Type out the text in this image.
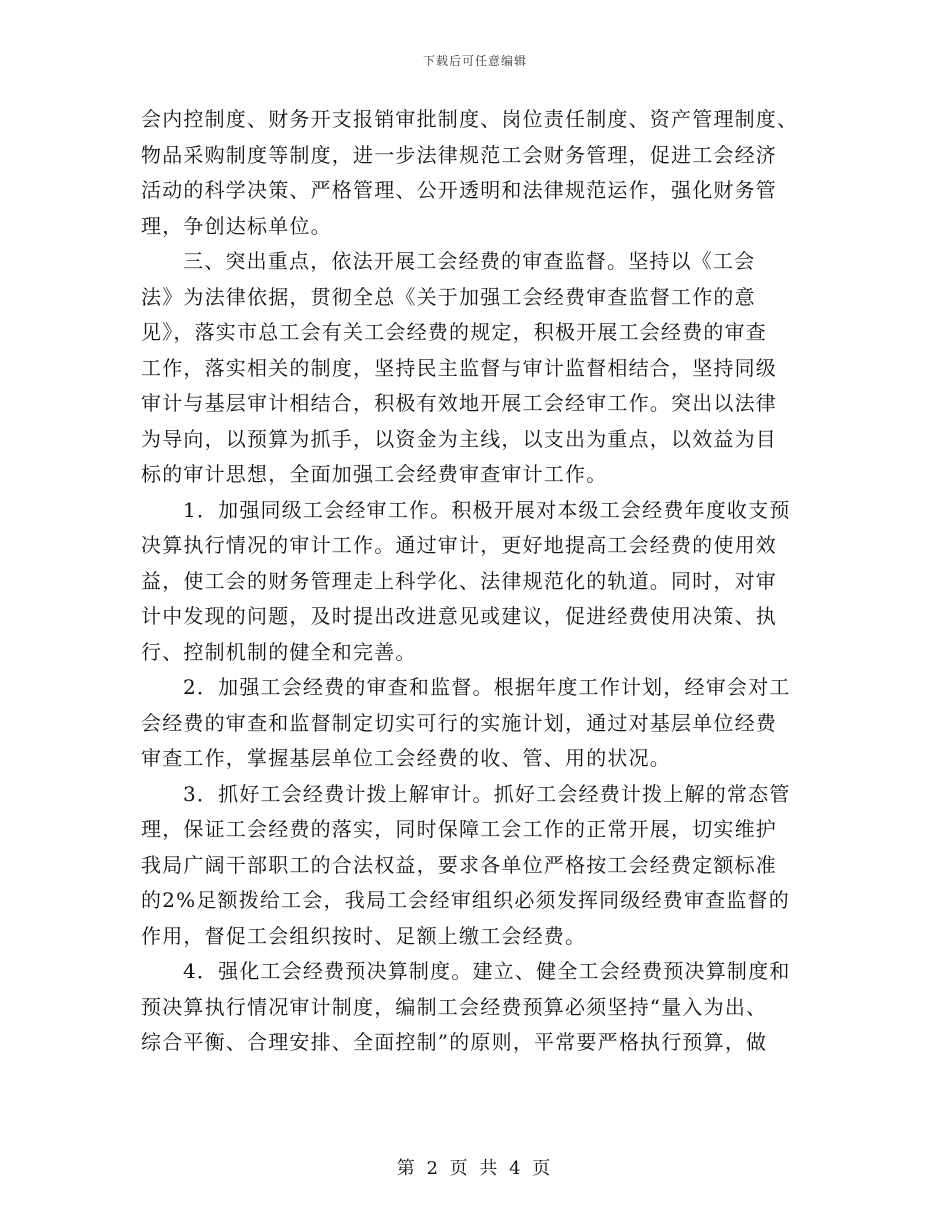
下载后可任意编辑
会内控制度、财务开支报销审批制度、岗位责任制度、资产管理制度、
物品采购制度等制度，进一步法律规范工会财务管理，促进工会经济
活动的科学决策、严格管理、公开透明和法律规范运作，强化财务管
理，争创达标单位。
三、突出重点，依法开展工会经费的审查监督。坚持以《工会
法》为法律依据，贯彻全总《关于加强工会经费审查监督工作的意
见》，落实市总工会有关工会经费的规定，积极开展工会经费的审查
工作，落实相关的制度，坚持民主监督与审计监督相结合，坚持同级
审计与基层审计相结合，积极有效地开展工会经审工作。突出以法律
为导向，以预算为抓手，以资金为主线，以支出为重点，以效益为目
标的审计思想，全面加强工会经费审查审计工作。
1．加强同级工会经审工作。积极开展对本级工会经费年度收支预
决算执行情况的审计工作。通过审计，更好地提高工会经费的使用效
益，使工会的财务管理走上科学化、法律规范化的轨道。同时，对审
计中发现的问题，及时提出改进意见或建议，促进经费使用决策、执
行、控制机制的健全和完善。
2．加强工会经费的审查和监督。根据年度工作计划，经审会对工
会经费的审查和监督制定切实可行的实施计划，通过对基层单位经费
审查工作，掌握基层单位工会经费的收、管、用的状况。
3．抓好工会经费计拨上解审计。抓好工会经费计拨上解的常态管
理，保证工会经费的落实，同时保障工会工作的正常开展，切实维护
我局广阔干部职工的合法权益，要求各单位严格按工会经费定额标准
的2%足额拨给工会，我局工会经审组织必须发挥同级经费审查监督的
作用，督促工会组织按时、足额上缴工会经费。
4．强化工会经费预决算制度。建立、健全工会经费预决算制度和
预决算执行情况审计制度，编制工会经费预算必须坚持“量入为出、
综合平衡、合理安排、全面控制”的原则，平常要严格执行预算，做
第 2 页 共 4 页
